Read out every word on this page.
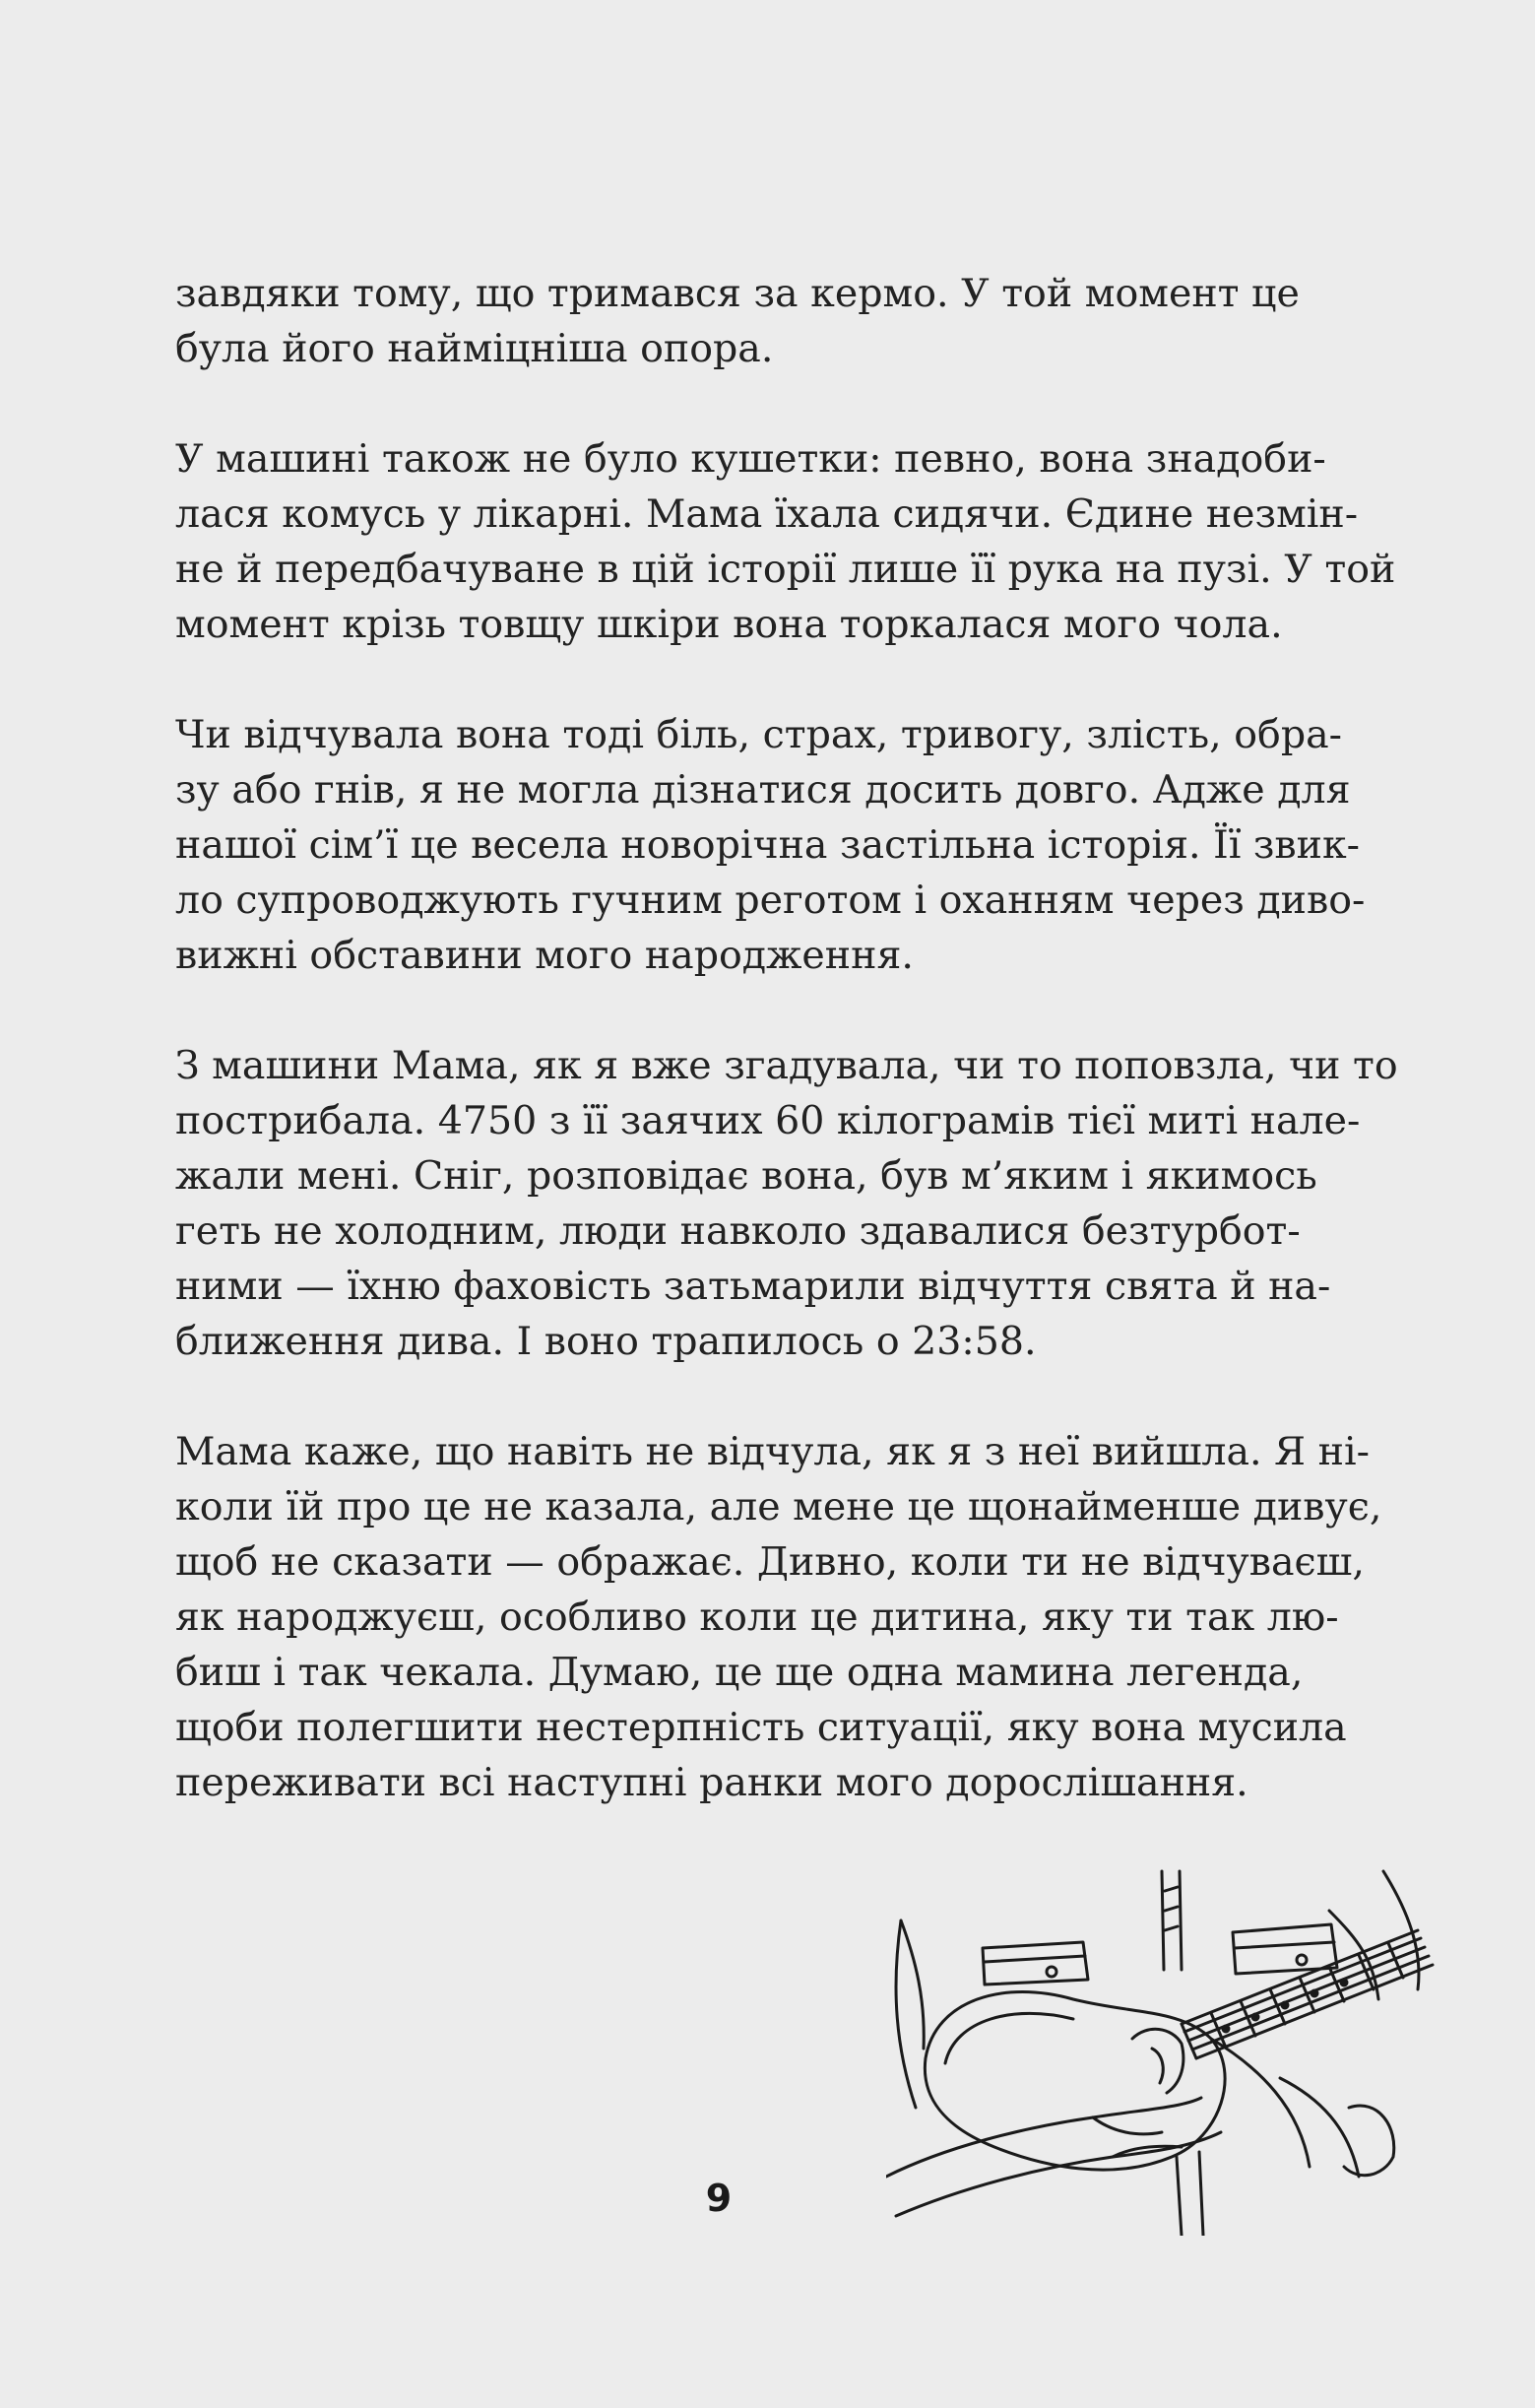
завдяки тому, що тримався за кермо. У той момент це
була його наймiцнiша опора.

У машинi також не було кушетки: певно, вона знадоби-
лася комусь у лiкарнi. Мама їхала сидячи. Єдине незмiн-
не й передбачуване в цiй iсторiї лише її рука на пузi. У той
момент крiзь товщу шкiри вона торкалася мого чола.

Чи вiдчувала вона тодi бiль, страх, тривогу, злiсть, обра-
зу або гнiв, я не могла дiзнатися досить довго. Адже для
нашої сiм’ї це весела новорiчна застiльна iсторiя. Її звик-
ло супроводжують гучним реготом i оханням через диво-
вижнi обставини мого народження.

З машини Мама, як я вже згадувала, чи то поповзла, чи то
пострибала. 4750 з її заячих 60 кiлограмiв тiєї митi нале-
жали менi. Снiг, розповiдає вона, був м’яким i якимось
геть не холодним, люди навколо здавалися безтурбот-
ними — їхню фаховiсть затьмарили вiдчуття свята й на-
ближення дива. I воно трапилось о 23:58.

Мама каже, що навiть не вiдчула, як я з неї вийшла. Я нi-
коли їй про це не казала, але мене це щонайменше дивує,
щоб не сказати — ображає. Дивно, коли ти не вiдчуваєш,
як народжуєш, особливо коли це дитина, яку ти так лю-
биш i так чекала. Думаю, це ще одна мамина легенда,
щоби полегшити нестерпнiсть ситуацiї, яку вона мусила
переживати всi наступнi ранки мого дорослiшання.

9
